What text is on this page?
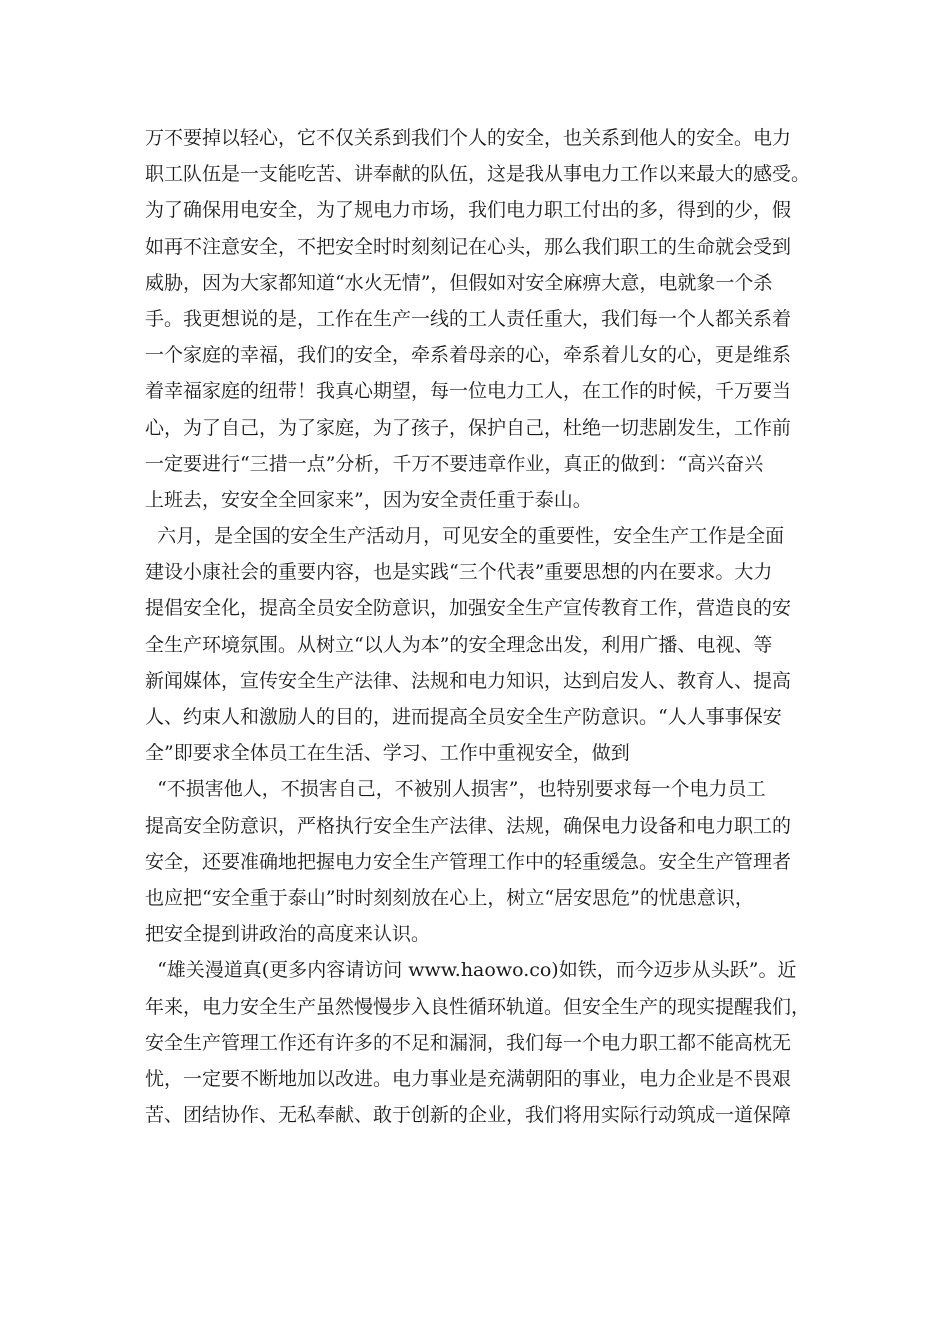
万不要掉以轻心，它不仅关系到我们个人的安全，也关系到他人的安全。电力
职工队伍是一支能吃苦、讲奉献的队伍，这是我从事电力工作以来最大的感受。
为了确保用电安全，为了规电力市场，我们电力职工付出的多，得到的少，假
如再不注意安全，不把安全时时刻刻记在心头，那么我们职工的生命就会受到
威胁，因为大家都知道“水火无情”，但假如对安全麻痹大意，电就象一个杀
手。我更想说的是，工作在生产一线的工人责任重大，我们每一个人都关系着
一个家庭的幸福，我们的安全，牵系着母亲的心，牵系着儿女的心，更是维系
着幸福家庭的纽带！我真心期望，每一位电力工人，在工作的时候，千万要当
心，为了自己，为了家庭，为了孩子，保护自己，杜绝一切悲剧发生，工作前
一定要进行“三措一点”分析，千万不要违章作业，真正的做到：“高兴奋兴
上班去，安安全全回家来”，因为安全责任重于泰山。
六月，是全国的安全生产活动月，可见安全的重要性，安全生产工作是全面
建设小康社会的重要内容，也是实践“三个代表”重要思想的内在要求。大力
提倡安全化，提高全员安全防意识，加强安全生产宣传教育工作，营造良的安
全生产环境氛围。从树立“以人为本”的安全理念出发，利用广播、电视、等
新闻媒体，宣传安全生产法律、法规和电力知识，达到启发人、教育人、提高
人、约束人和激励人的目的，进而提高全员安全生产防意识。“人人事事保安
全”即要求全体员工在生活、学习、工作中重视安全，做到
“不损害他人，不损害自己，不被别人损害”，也特别要求每一个电力员工
提高安全防意识，严格执行安全生产法律、法规，确保电力设备和电力职工的
安全，还要准确地把握电力安全生产管理工作中的轻重缓急。安全生产管理者
也应把“安全重于泰山”时时刻刻放在心上，树立“居安思危”的忧患意识，
把安全提到讲政治的高度来认识。
“雄关漫道真(更多内容请访问 www.haowo.co)如铁，而今迈步从头跃”。近
年来，电力安全生产虽然慢慢步入良性循环轨道。但安全生产的现实提醒我们，
安全生产管理工作还有许多的不足和漏洞，我们每一个电力职工都不能高枕无
忧，一定要不断地加以改进。电力事业是充满朝阳的事业，电力企业是不畏艰
苦、团结协作、无私奉献、敢于创新的企业，我们将用实际行动筑成一道保障
